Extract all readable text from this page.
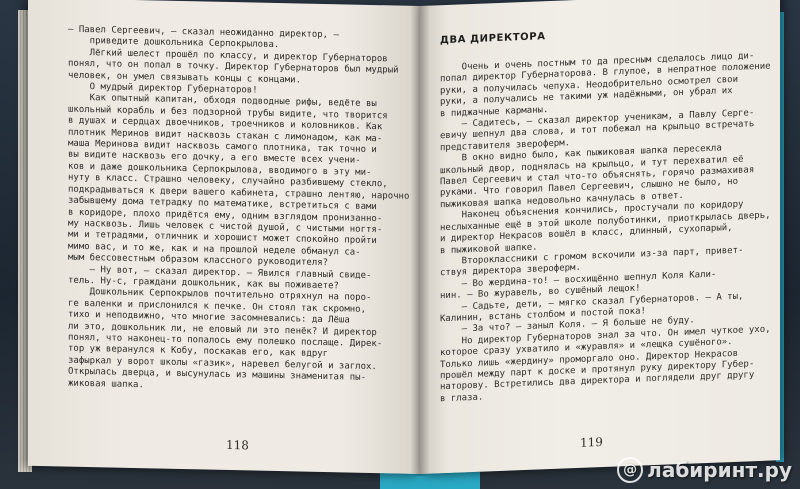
— Павел Сергеевич, — сказал неожиданно директор, —
приведите дошкольника Серпокрылова.
Лёгкий шелест прошёл по классу, и директор Губернаторов
понял, что он попал в точку. Директор Губернаторов был мудрый
человек, он умел связывать концы с концами.
О мудрый директор Губернаторов!
Как опытный капитан, обходя подводные рифы, ведёте вы
школьный корабль и без подзорной трубы видите, что творится
в душах и сердцах двоечников, троечников и коловников. Как
плотник Меринов видит насквозь стакан с лимонадом, как ма-
маша Меринова видит насквозь самого плотника, так точно и
вы видите насквозь его дочку, а его вместе всех учени-
ков и даже дошкольника Серпокрылова, вводимого в эту ми-
нуту в класс. Страшно человеку, случайно разбившему стекло,
подкрадываться к двери вашего кабинета, страшно лентяю, нарочно
забывшему дома тетрадку по математике, встретиться с вами
в коридоре, плохо придётся ему, одним взглядом пронизанно-
му насквозь. Лишь человек с чистой душой, с чистыми ногтя-
ми и тетрадями, отличник и хорошист может спокойно пройти
мимо вас, и то же, как и на прошлой неделе обманул са-
мым бессовестным образом классного руководителя?
— Ну вот, — сказал директор. — Явился главный свиде-
тель. Ну-с, граждани дошкольник, как вы поживаете?
Дошкольник Серпокрылов почтительно отряхнул на поро-
ге валенки и прислонился к печке. Он стоял так скромно,
тихо и неподвижно, что многие засомневались: да Лёша
ли это, дошкольник ли, не еловый ли это пенёк? И директор
понял, что наконец-то попалось ему полешко послаще. Дирек-
тор уж веранулся к Кобу, поскакав его, как вдруг
зафыркал у ворот школы «газик», наревел белугой и заглох.
Открылась дверца, и высунулась из машины знаменитая пы-
жиковая шапка.
118
ДВА ДИРЕКТОРА
Очень и очень постным то да пресным сделалось лицо ди-
попал директор Губернаторова. В глупое, в непратное положение
руки, а получилась чепуха. Неодобрительно осмотрел свои
руки, а получались не такими уж надёжными, он убрал их
в пиджачные карманы.
— Садитесь, — сказал директор ученикам, а Павлу Серге-
евичу шепнул два слова, и тот побежал на крыльцо встречать
представителя звероферм.
В окно видно было, как пыжиковая шапка пересекла
школьный двор, поднялась на крыльцо, и тут перехватил её
Павел Сергеевич и стал что-то объяснять, горячо размахивая
руками. Что говорил Павел Сергеевич, слышно не было, но
пыжиковая шапка недовольно качнулась в ответ.
Наконец объяснения кончились, простучали по коридору
неслыханные ещё в этой школе полуботинки, приоткрылась дверь,
и директор Некрасов вошёл в класс, длинный, сухопарый,
в пыжиковой шапке.
Второклассники с громом вскочили из-за парт, привет-
ствуя директора звероферм.
— Во жердина-то! — восхищённо шепнул Коля Кали-
нин. — Во журавель, во сушёный лещок!
— Садьте, дети, — мягко сказал Губернаторов. — А ты,
Калинин, встань столбом и постой пока!
— За что? — заныл Коля. — Я больше не буду.
Но директор Губернаторов знал за что. Он имел чуткое ухо,
которое сразу ухватило и «журавля» и «лещка сушёного».
Только лишь «жердину» проморгало оно. Директор Некрасов
прошёл между парт к доске и протянул руку директору Губер-
наторову. Встретились два директора и поглядели друг другу
в глаза.
119
@ лабиринт.ру
